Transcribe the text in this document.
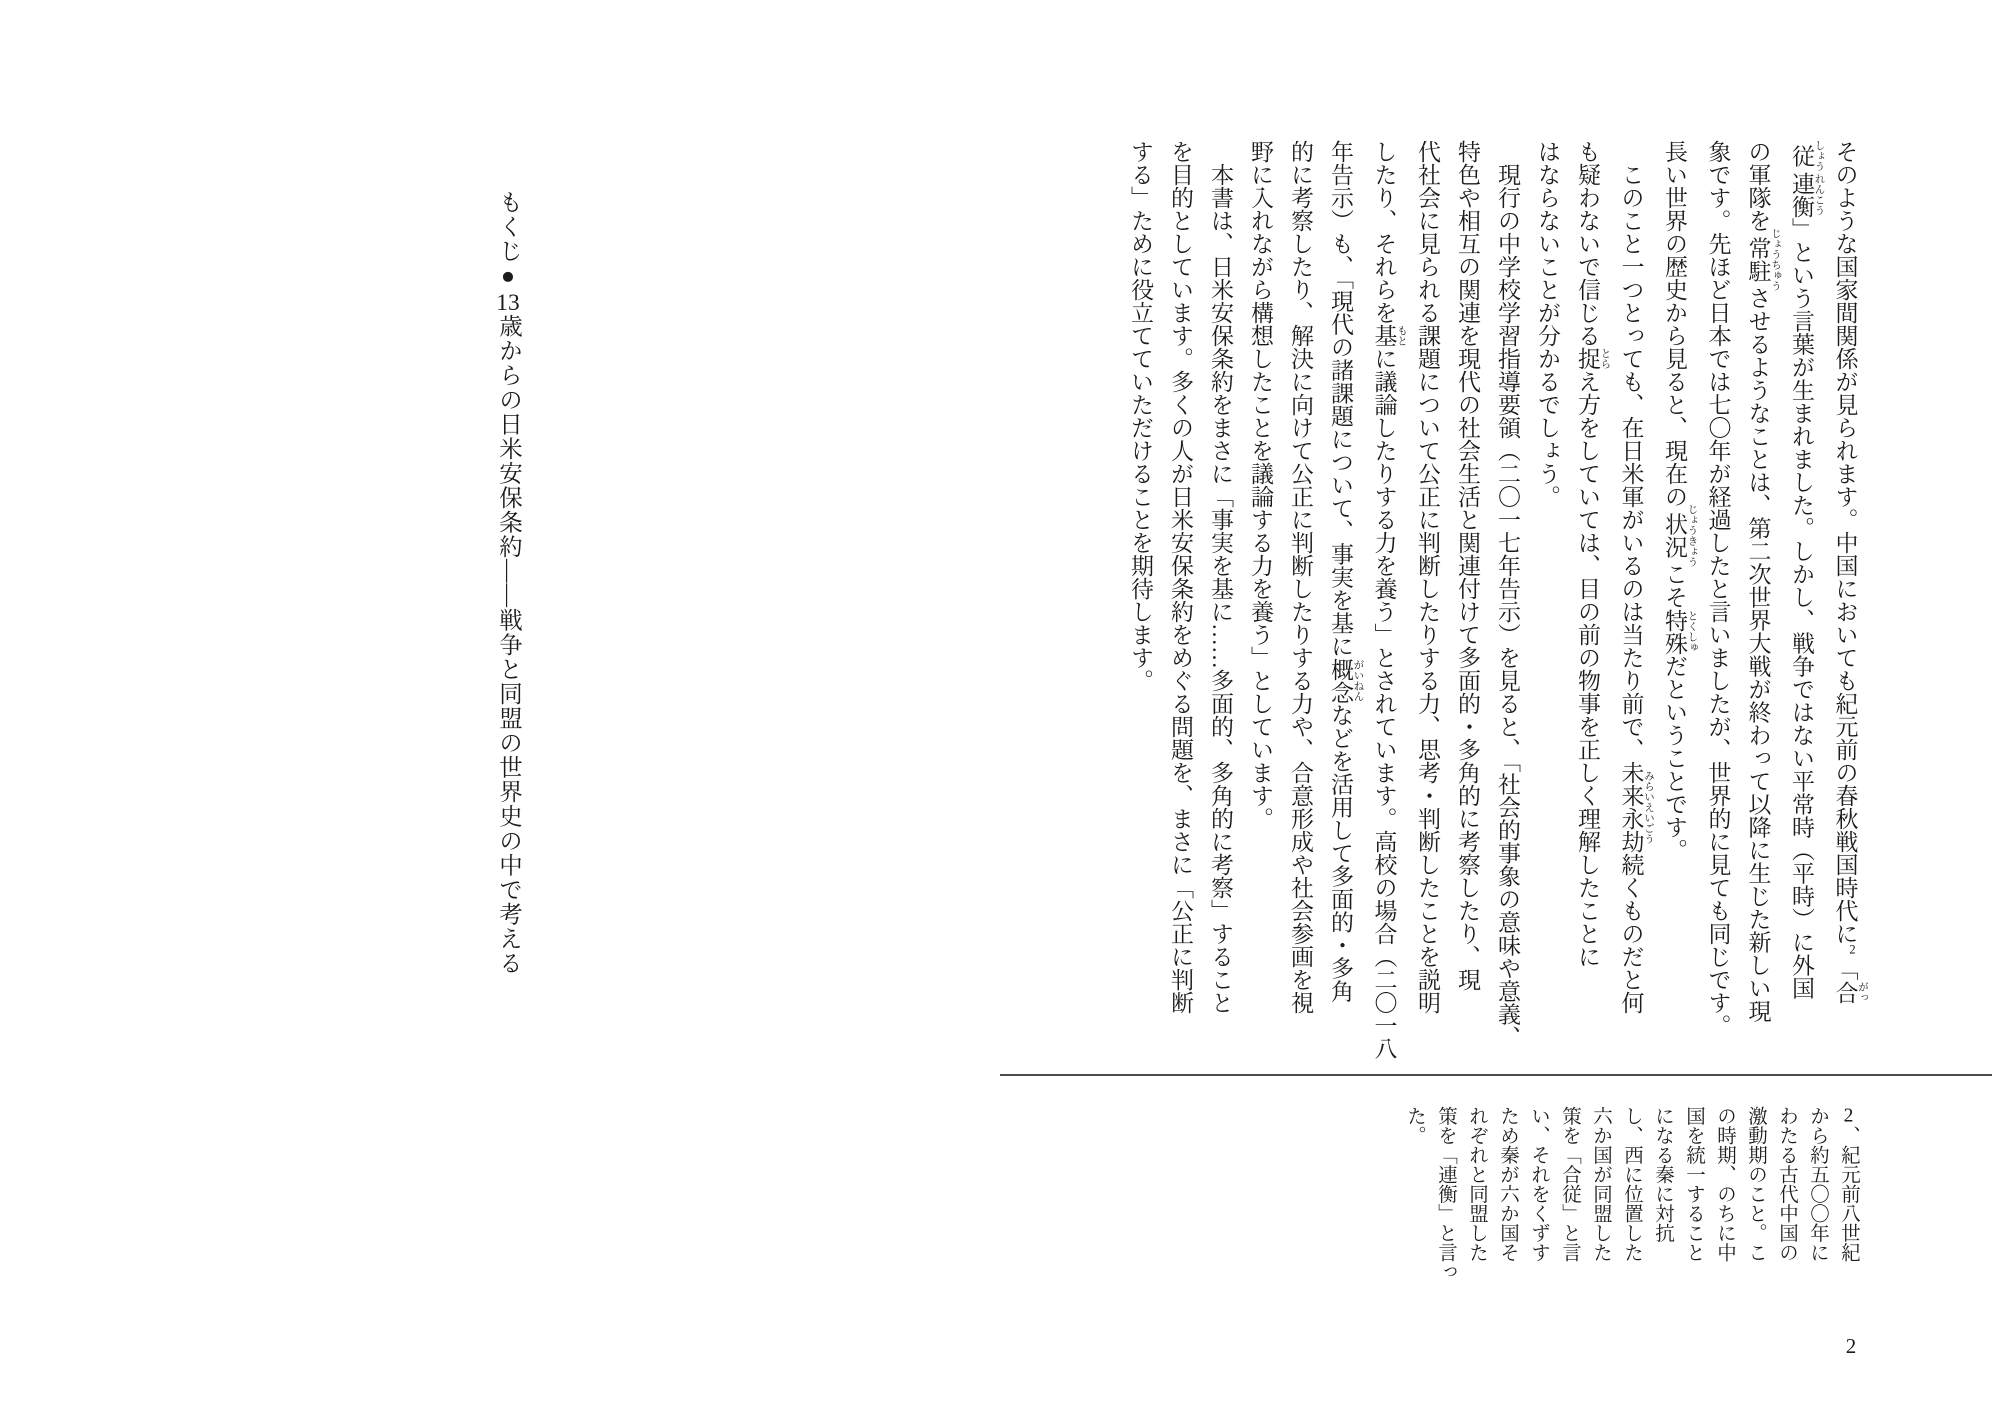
もくじ●13歳からの日米安保条約――戦争と同盟の世界史の中で考える	そのような国家間関係が見られます。中国においても紀元前の春秋戦国時代に2「合 がっ
従 しょう連衡 れんこう」という言葉が生まれました。しかし、戦争ではない平常時（平時）に外国
の軍隊を常駐 じょうちゅうさせるようなことは、第二次世界大戦が終わって以降に生じた新しい現
象です。先ほど日本では七〇年が経過したと言いましたが、世界的に見ても同じです。
長い世界の歴史から見ると、現在の状況 じょうきょうこそ特殊 とくしゅだということです。
このこと一つとっても、在日米軍がいるのは当たり前で、未来永劫 みらいえいごう続くものだと何
も疑わないで信じる捉 とらえ方をしていては、目の前の物事を正しく理解したことに
はならないことが分かるでしょう。
現行の中学校学習指導要領（二〇一七年告示）を見ると、「社会的事象の意味や意義、
特色や相互の関連を現代の社会生活と関連付けて多面的・多角的に考察したり、現
代社会に見られる課題について公正に判断したりする力、思考・判断したことを説明
したり、それらを基 もとに議論したりする力を養う」とされています。高校の場合（二〇一八
年告示）も、「現代の諸課題について、事実を基に概念 がいねんなどを活用して多面的・多角
的に考察したり、解決に向けて公正に判断したりする力や、合意形成や社会参画を視
野に入れながら構想したことを議論する力を養う」としています。
本書は、日米安保条約をまさに「事実を基に……多面的、多角的に考察」すること
を目的としています。多くの人が日米安保条約をめぐる問題を、まさに「公正に判断
する」ために役立てていただけることを期待します。
2、紀元前八世紀
から約五〇〇年に
わたる古代中国の
激動期のこと。こ
の時期、のちに中
国を統一すること
になる秦に対抗
し、西に位置した
六か国が同盟した
策を「合従」と言
い、それをくずす
ため秦が六か国そ
れぞれと同盟した
策を「連衡」と言っ
た。
2
